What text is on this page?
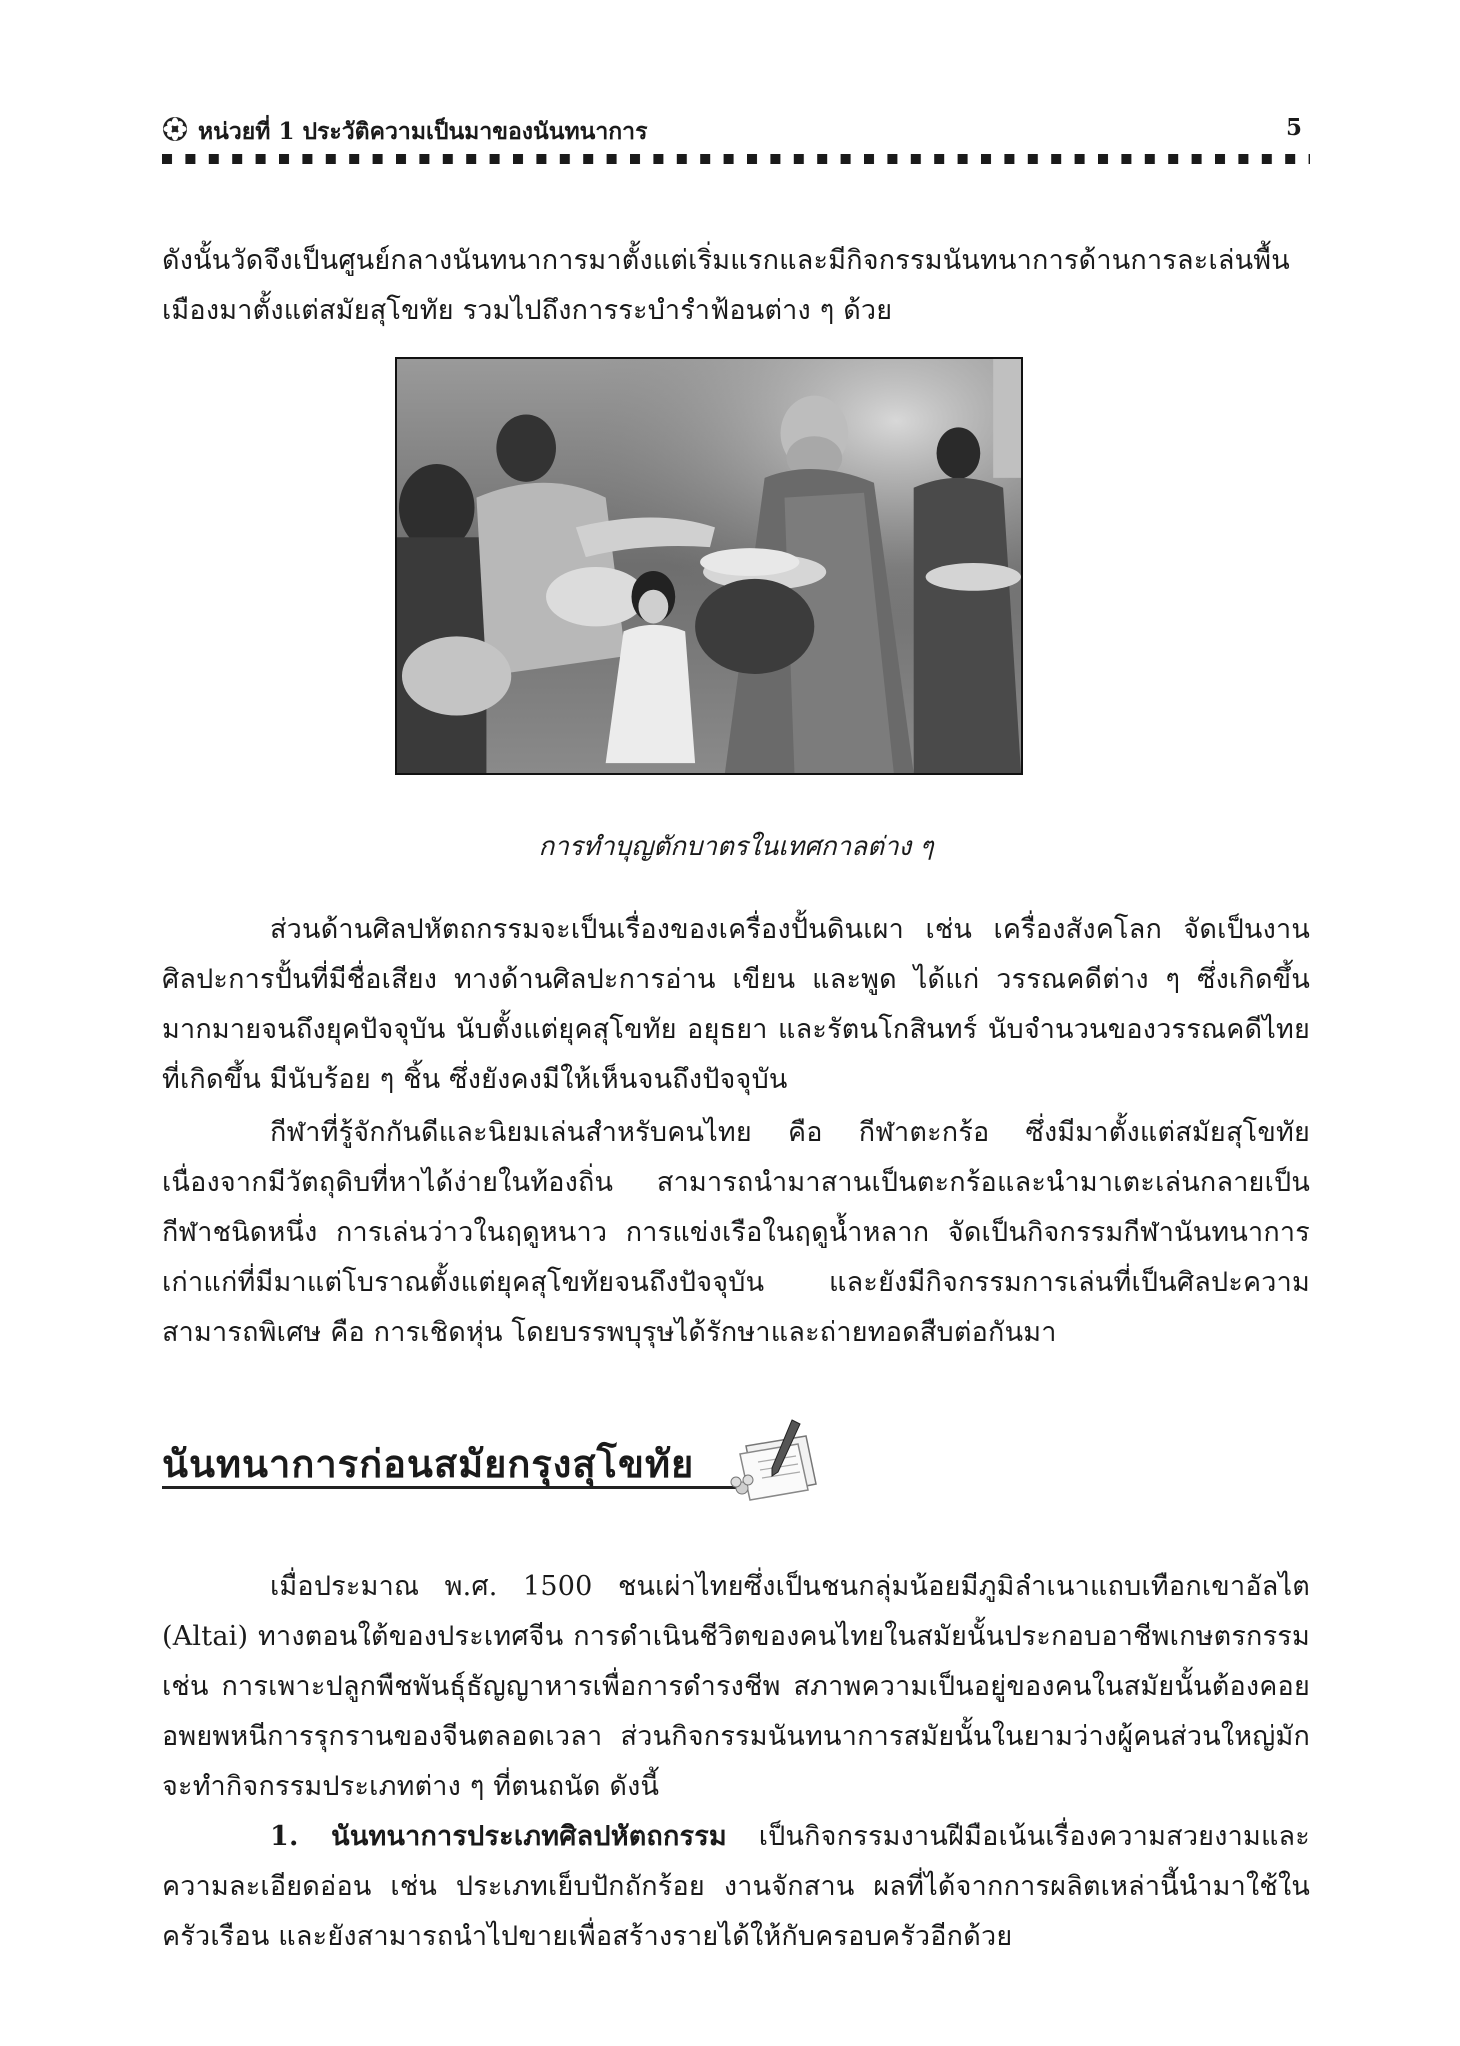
หน่วยที่ 1 ประวัติความเป็นมาของนันทนาการ	5

ดังนั้นวัดจึงเป็นศูนย์กลางนันทนาการมาตั้งแต่เริ่มแรกและมีกิจกรรมนันทนาการด้านการละเล่นพื้นเมืองมาตั้งแต่สมัยสุโขทัย รวมไปถึงการระบำรำฟ้อนต่าง ๆ ด้วย

การทำบุญตักบาตรในเทศกาลต่าง ๆ

ส่วนด้านศิลปหัตถกรรมจะเป็นเรื่องของเครื่องปั้นดินเผา เช่น เครื่องสังคโลก จัดเป็นงานศิลปะการปั้นที่มีชื่อเสียง ทางด้านศิลปะการอ่าน เขียน และพูด ได้แก่ วรรณคดีต่าง ๆ ซึ่งเกิดขึ้นมากมายจนถึงยุคปัจจุบัน นับตั้งแต่ยุคสุโขทัย อยุธยา และรัตนโกสินทร์ นับจำนวนของวรรณคดีไทยที่เกิดขึ้น มีนับร้อย ๆ ชิ้น ซึ่งยังคงมีให้เห็นจนถึงปัจจุบัน

กีฬาที่รู้จักกันดีและนิยมเล่นสำหรับคนไทย คือ กีฬาตะกร้อ ซึ่งมีมาตั้งแต่สมัยสุโขทัย เนื่องจากมีวัตถุดิบที่หาได้ง่ายในท้องถิ่น สามารถนำมาสานเป็นตะกร้อและนำมาเตะเล่นกลายเป็นกีฬาชนิดหนึ่ง การเล่นว่าวในฤดูหนาว การแข่งเรือในฤดูน้ำหลาก จัดเป็นกิจกรรมกีฬานันทนาการเก่าแก่ที่มีมาแต่โบราณตั้งแต่ยุคสุโขทัยจนถึงปัจจุบัน และยังมีกิจกรรมการเล่นที่เป็นศิลปะความสามารถพิเศษ คือ การเชิดหุ่น โดยบรรพบุรุษได้รักษาและถ่ายทอดสืบต่อกันมา

นันทนาการก่อนสมัยกรุงสุโขทัย

เมื่อประมาณ พ.ศ. 1500 ชนเผ่าไทยซึ่งเป็นชนกลุ่มน้อยมีภูมิลำเนาแถบเทือกเขาอัลไต (Altai) ทางตอนใต้ของประเทศจีน การดำเนินชีวิตของคนไทยในสมัยนั้นประกอบอาชีพเกษตรกรรม เช่น การเพาะปลูกพืชพันธุ์ธัญญาหารเพื่อการดำรงชีพ สภาพความเป็นอยู่ของคนในสมัยนั้นต้องคอยอพยพหนีการรุกรานของจีนตลอดเวลา ส่วนกิจกรรมนันทนาการสมัยนั้นในยามว่างผู้คนส่วนใหญ่มักจะทำกิจกรรมประเภทต่าง ๆ ที่ตนถนัด ดังนี้

1. นันทนาการประเภทศิลปหัตถกรรม เป็นกิจกรรมงานฝีมือเน้นเรื่องความสวยงามและความละเอียดอ่อน เช่น ประเภทเย็บปักถักร้อย งานจักสาน ผลที่ได้จากการผลิตเหล่านี้นำมาใช้ในครัวเรือน และยังสามารถนำไปขายเพื่อสร้างรายได้ให้กับครอบครัวอีกด้วย
